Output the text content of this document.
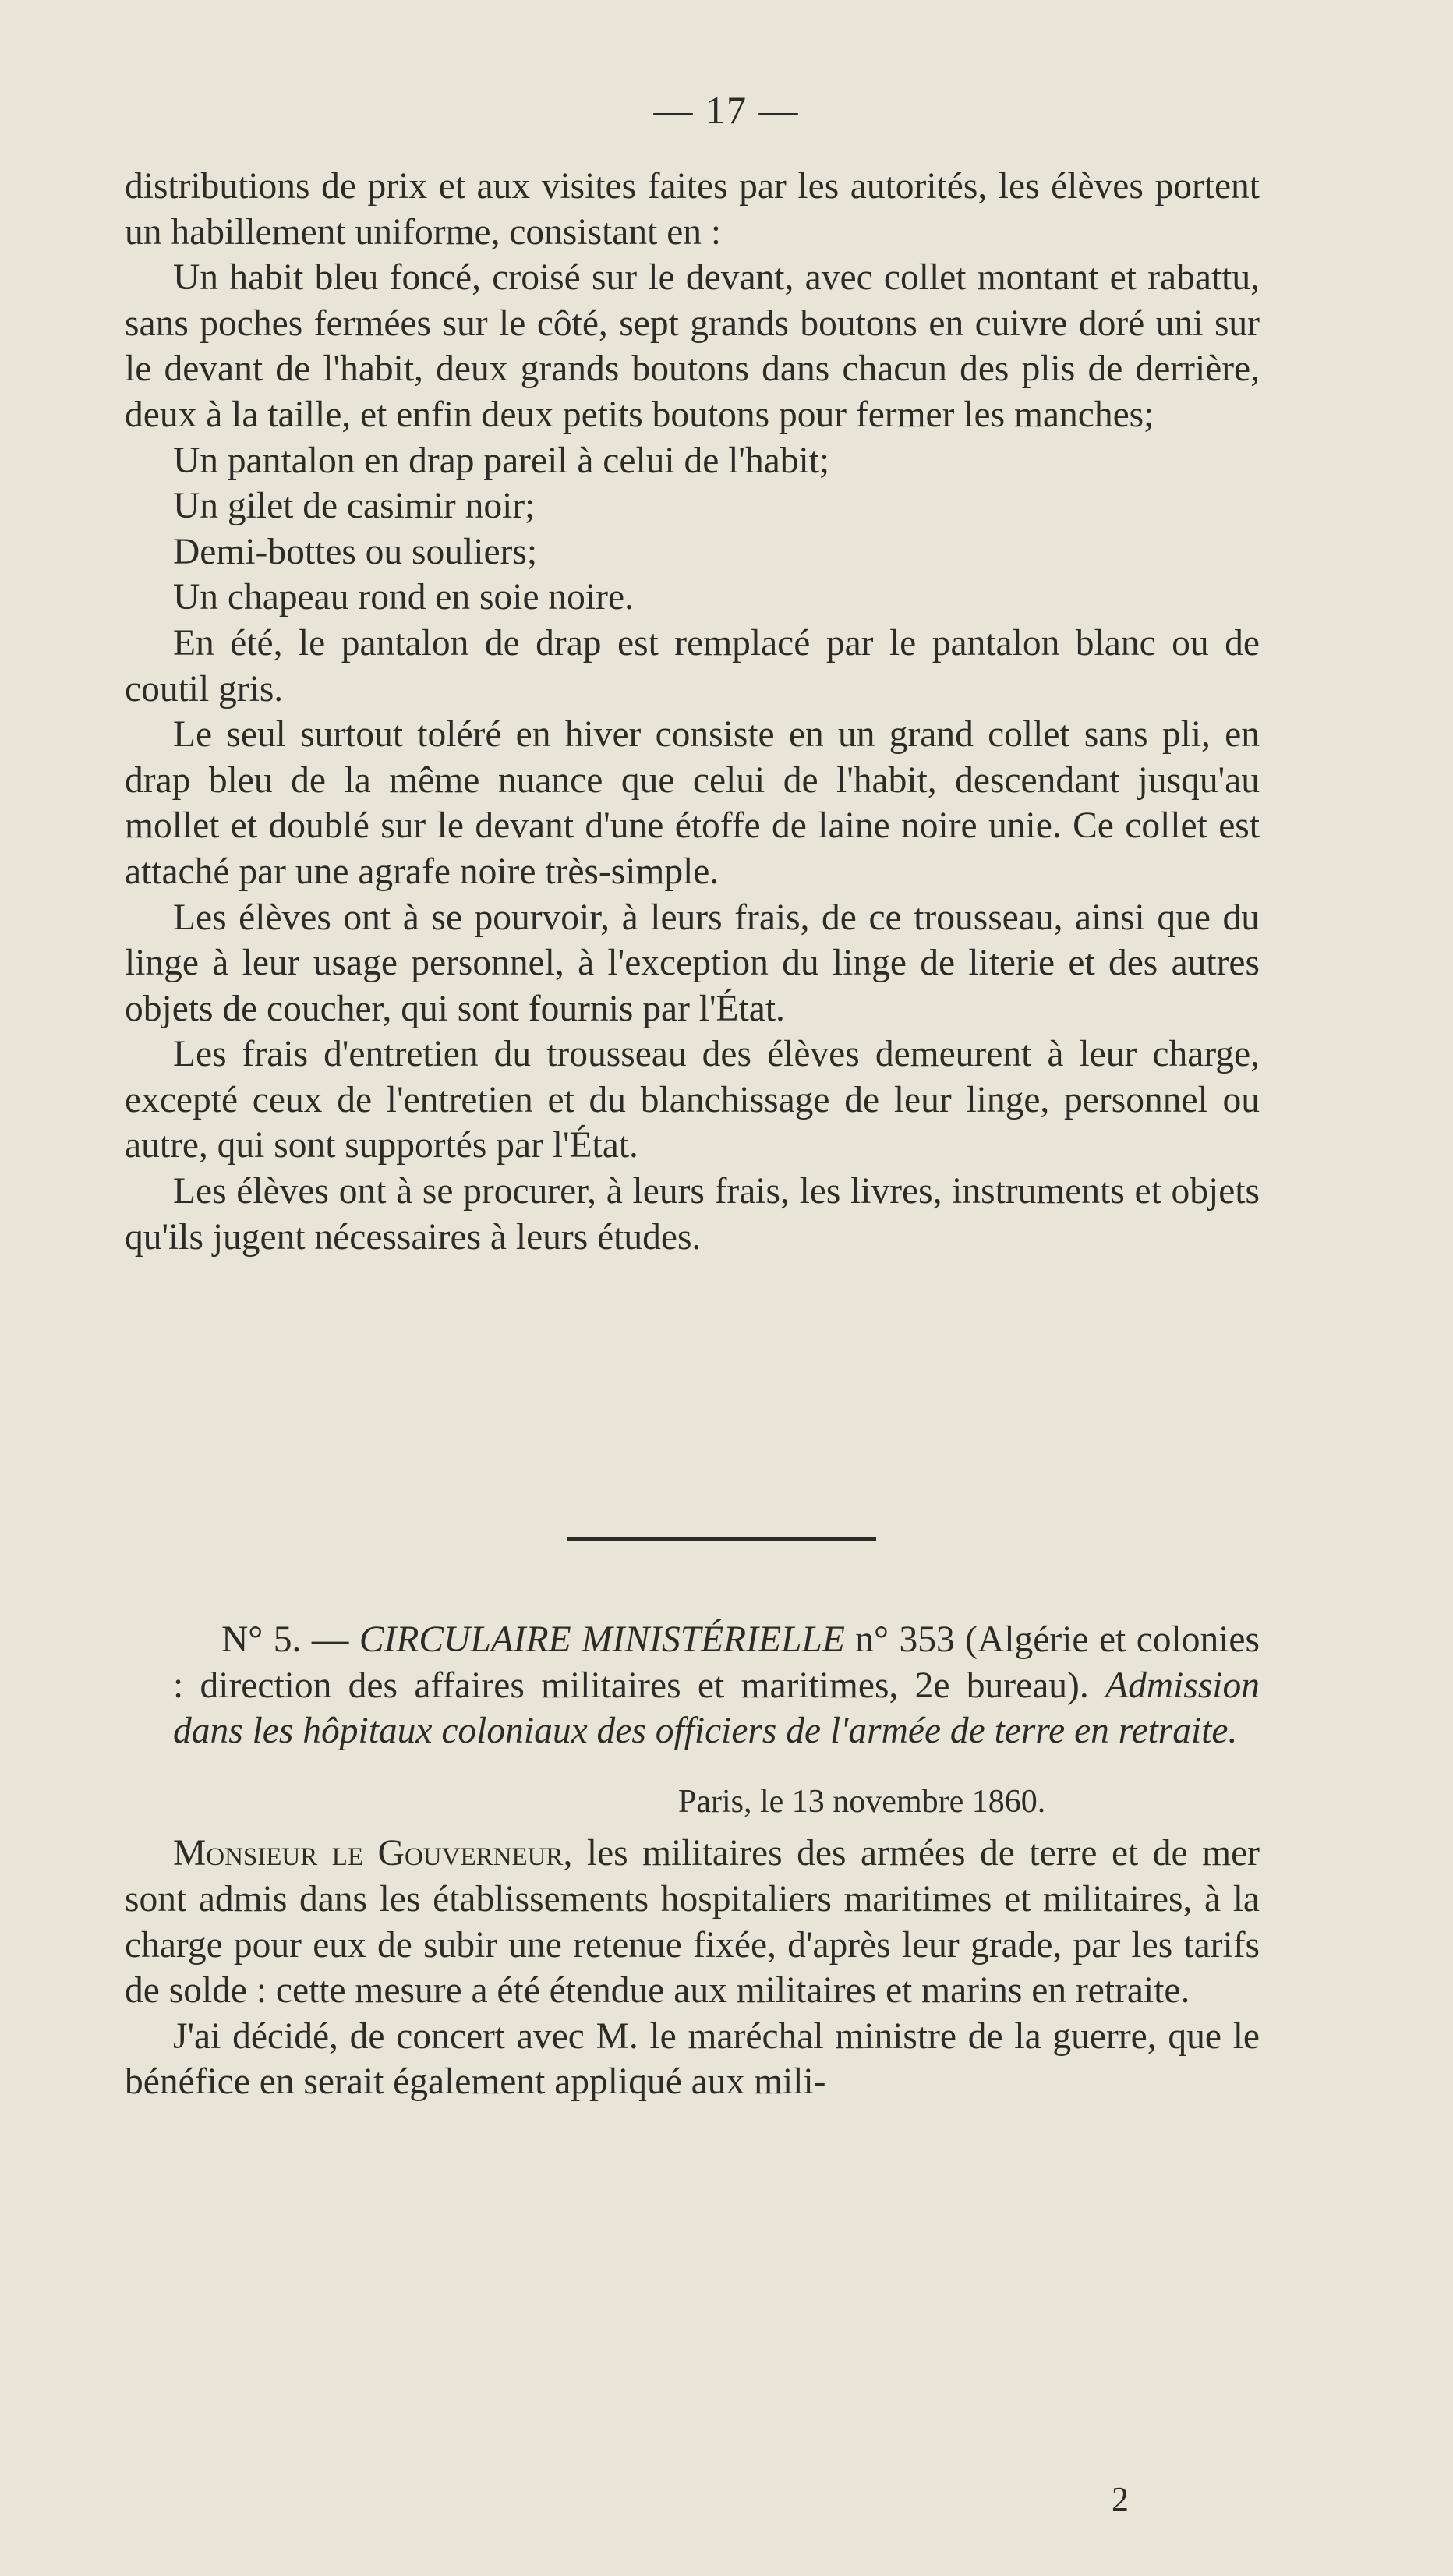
— 17 —

distributions de prix et aux visites faites par les autorités, les élèves portent un habillement uniforme, consistant en :

Un habit bleu foncé, croisé sur le devant, avec collet montant et rabattu, sans poches fermées sur le côté, sept grands boutons en cuivre doré uni sur le devant de l'habit, deux grands boutons dans chacun des plis de derrière, deux à la taille, et enfin deux petits boutons pour fermer les manches;

Un pantalon en drap pareil à celui de l'habit;

Un gilet de casimir noir;

Demi-bottes ou souliers;

Un chapeau rond en soie noire.

En été, le pantalon de drap est remplacé par le pantalon blanc ou de coutil gris.

Le seul surtout toléré en hiver consiste en un grand collet sans pli, en drap bleu de la même nuance que celui de l'habit, descendant jusqu'au mollet et doublé sur le devant d'une étoffe de laine noire unie. Ce collet est attaché par une agrafe noire très-simple.

Les élèves ont à se pourvoir, à leurs frais, de ce trousseau, ainsi que du linge à leur usage personnel, à l'exception du linge de literie et des autres objets de coucher, qui sont fournis par l'État.

Les frais d'entretien du trousseau des élèves demeurent à leur charge, excepté ceux de l'entretien et du blanchissage de leur linge, personnel ou autre, qui sont supportés par l'État.

Les élèves ont à se procurer, à leurs frais, les livres, instruments et objets qu'ils jugent nécessaires à leurs études.

N° 5. — CIRCULAIRE MINISTÉRIELLE n° 353 (Algérie et colonies : direction des affaires militaires et maritimes, 2e bureau). Admission dans les hôpitaux coloniaux des officiers de l'armée de terre en retraite.

Paris, le 13 novembre 1860.

Monsieur le Gouverneur, les militaires des armées de terre et de mer sont admis dans les établissements hospitaliers maritimes et militaires, à la charge pour eux de subir une retenue fixée, d'après leur grade, par les tarifs de solde : cette mesure a été étendue aux militaires et marins en retraite.

J'ai décidé, de concert avec M. le maréchal ministre de la guerre, que le bénéfice en serait également appliqué aux mili-

2
